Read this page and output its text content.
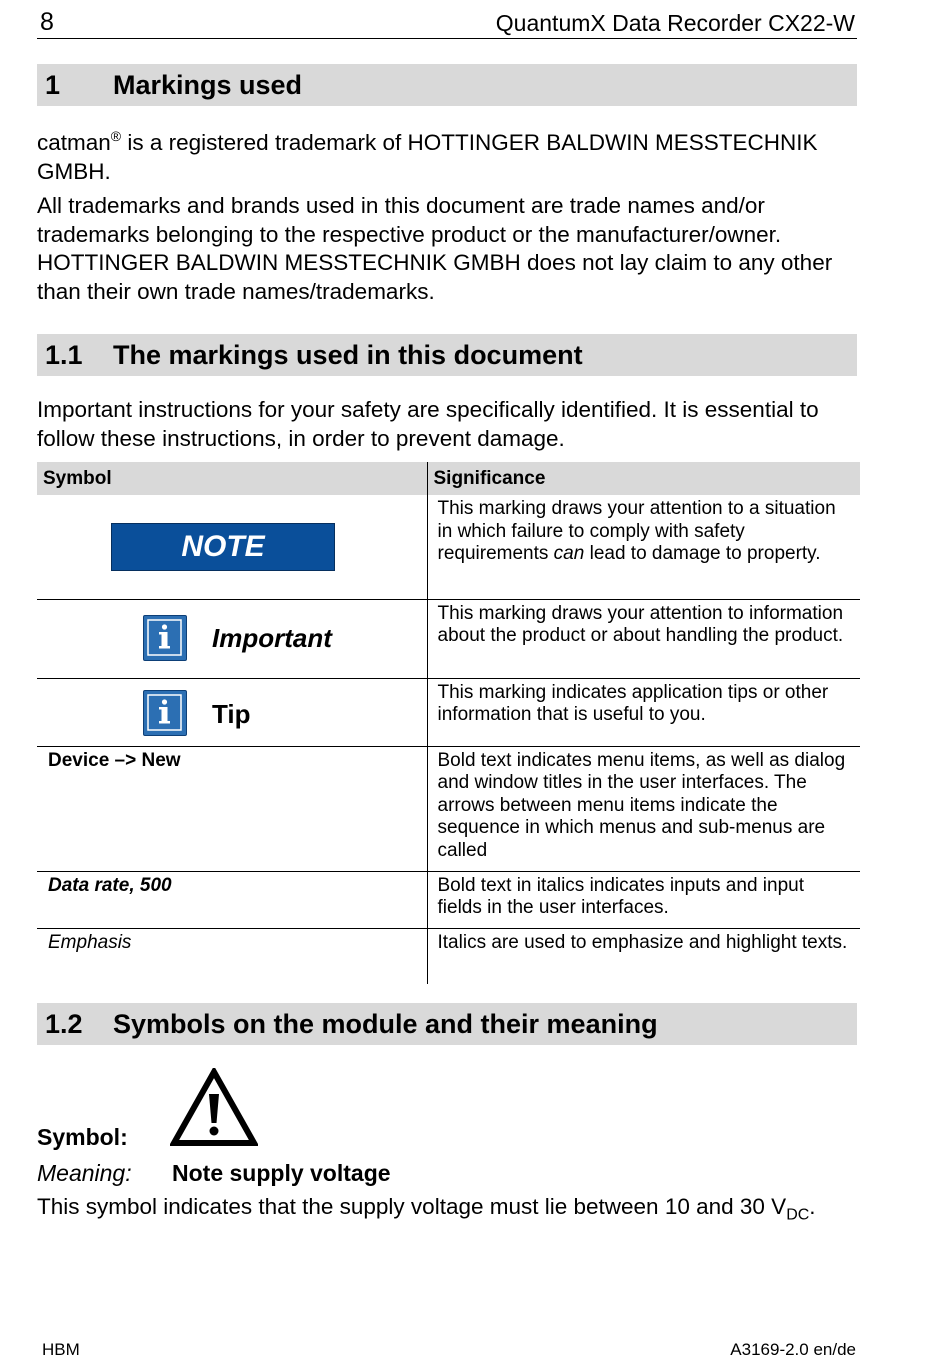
8	QuantumX Data Recorder CX22-W
1 Markings used

catman® is a registered trademark of HOTTINGER BALDWIN MESSTECHNIK GMBH.

All trademarks and brands used in this document are trade names and/or trademarks belonging to the respective product or the manufacturer/owner. HOTTINGER BALDWIN MESSTECHNIK GMBH does not lay claim to any other than their own trade names/trademarks.

1.1 The markings used in this document

Important instructions for your safety are specifically identified. It is essential to follow these instructions, in order to prevent damage.

Symbol	Significance

NOTE	This marking draws your attention to a situation in which failure to comply with safety requirements can lead to damage to property.

Important	This marking draws your attention to information about the product or about handling the product.

Tip	This marking indicates application tips or other information that is useful to you.
Device –> New	Bold text indicates menu items, as well as dialog and window titles in the user interfaces. The arrows between menu items indicate the sequence in which menus and sub-menus are called
Data rate, 500	Bold text in italics indicates inputs and input fields in the user interfaces.
Emphasis	Italics are used to emphasize and highlight texts.
1.2 Symbols on the module and their meaning
Symbol:
Meaning: Note supply voltage
This symbol indicates that the supply voltage must lie between 10 and 30 $V_{DC}$.
HBM	A3169-2.0 en/de
